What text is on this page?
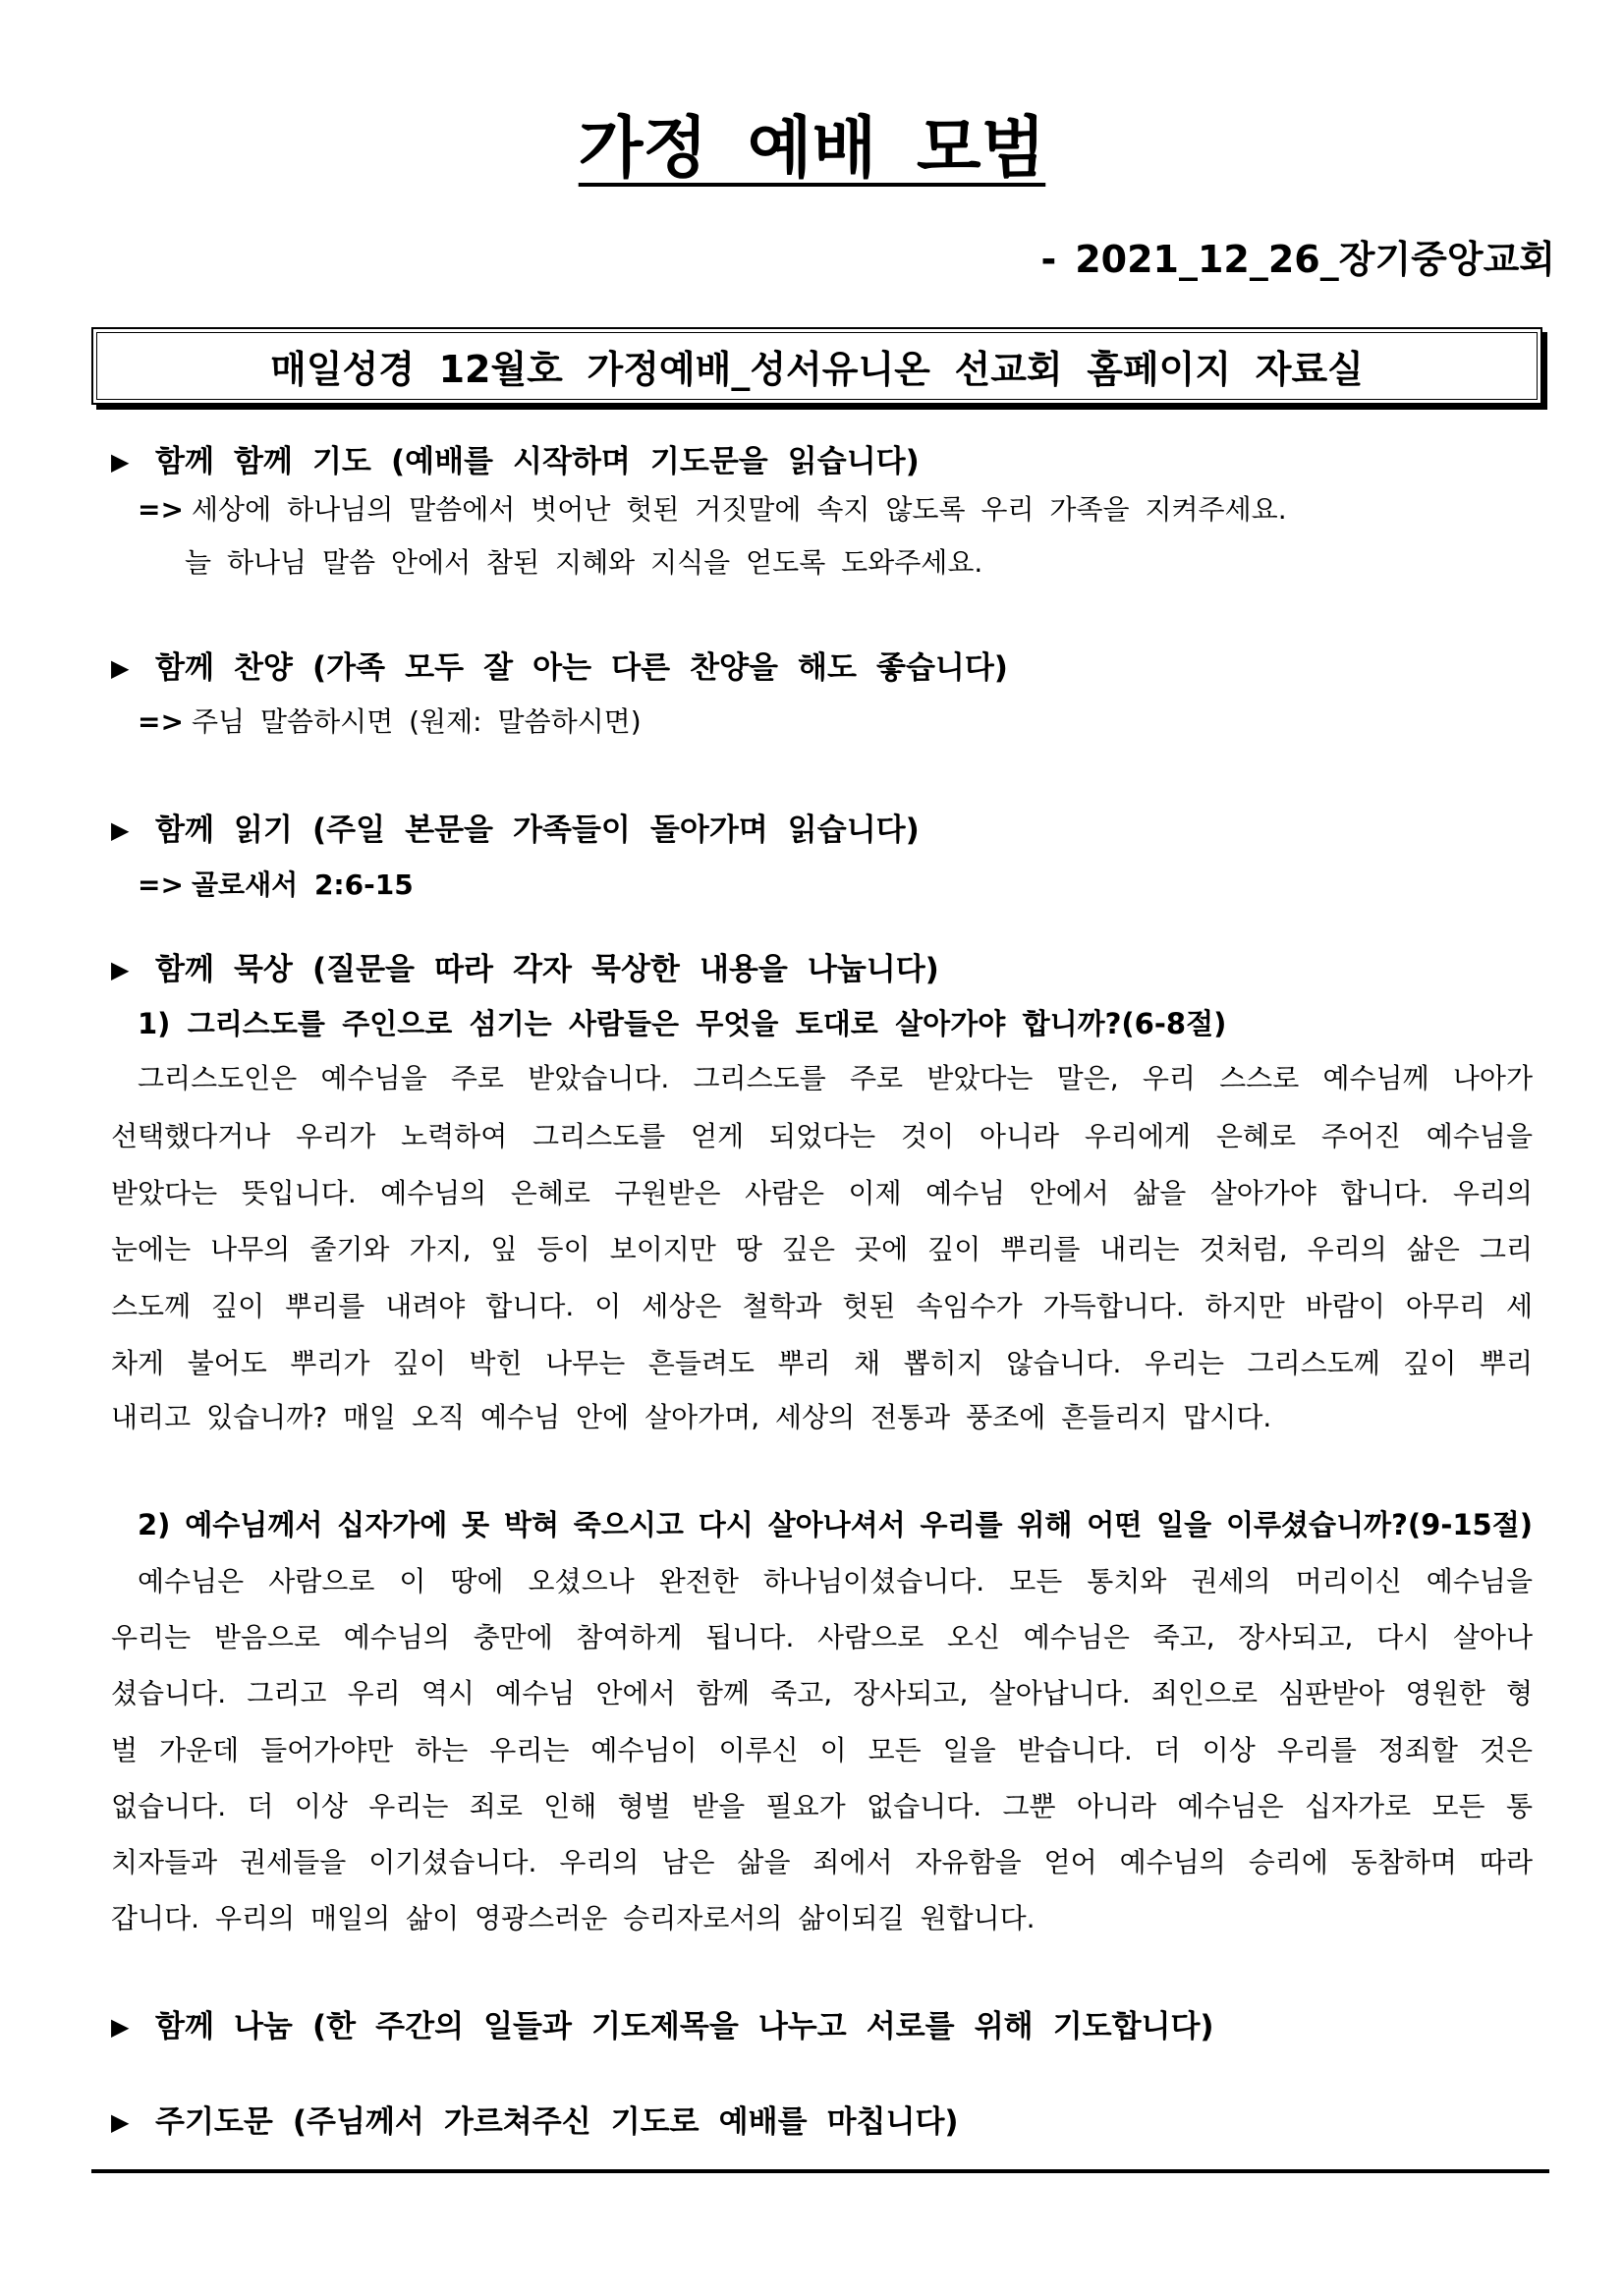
가정 예배 모범
- 2021_12_26_장기중앙교회
매일성경 12월호 가정예배_성서유니온 선교회 홈페이지 자료실
▶ 함께 함께 기도 (예배를 시작하며 기도문을 읽습니다)
=> 세상에 하나님의 말씀에서 벗어난 헛된 거짓말에 속지 않도록 우리 가족을 지켜주세요.
늘 하나님 말씀 안에서 참된 지혜와 지식을 얻도록 도와주세요.
▶ 함께 찬양 (가족 모두 잘 아는 다른 찬양을 해도 좋습니다)
=> 주님 말씀하시면 (원제: 말씀하시면)
▶ 함께 읽기 (주일 본문을 가족들이 돌아가며 읽습니다)
=> 골로새서 2:6-15
▶ 함께 묵상 (질문을 따라 각자 묵상한 내용을 나눕니다)
1) 그리스도를 주인으로 섬기는 사람들은 무엇을 토대로 살아가야 합니까?(6-8절)
그리스도인은 예수님을 주로 받았습니다. 그리스도를 주로 받았다는 말은, 우리 스스로 예수님께 나아가
선택했다거나 우리가 노력하여 그리스도를 얻게 되었다는 것이 아니라 우리에게 은혜로 주어진 예수님을
받았다는 뜻입니다. 예수님의 은혜로 구원받은 사람은 이제 예수님 안에서 삶을 살아가야 합니다. 우리의
눈에는 나무의 줄기와 가지, 잎 등이 보이지만 땅 깊은 곳에 깊이 뿌리를 내리는 것처럼, 우리의 삶은 그리
스도께 깊이 뿌리를 내려야 합니다. 이 세상은 철학과 헛된 속임수가 가득합니다. 하지만 바람이 아무리 세
차게 불어도 뿌리가 깊이 박힌 나무는 흔들려도 뿌리 채 뽑히지 않습니다. 우리는 그리스도께 깊이 뿌리
내리고 있습니까? 매일 오직 예수님 안에 살아가며, 세상의 전통과 풍조에 흔들리지 맙시다.
2) 예수님께서 십자가에 못 박혀 죽으시고 다시 살아나셔서 우리를 위해 어떤 일을 이루셨습니까?(9-15절)
예수님은 사람으로 이 땅에 오셨으나 완전한 하나님이셨습니다. 모든 통치와 권세의 머리이신 예수님을
우리는 받음으로 예수님의 충만에 참여하게 됩니다. 사람으로 오신 예수님은 죽고, 장사되고, 다시 살아나
셨습니다. 그리고 우리 역시 예수님 안에서 함께 죽고, 장사되고, 살아납니다. 죄인으로 심판받아 영원한 형
벌 가운데 들어가야만 하는 우리는 예수님이 이루신 이 모든 일을 받습니다. 더 이상 우리를 정죄할 것은
없습니다. 더 이상 우리는 죄로 인해 형벌 받을 필요가 없습니다. 그뿐 아니라 예수님은 십자가로 모든 통
치자들과 권세들을 이기셨습니다. 우리의 남은 삶을 죄에서 자유함을 얻어 예수님의 승리에 동참하며 따라
갑니다. 우리의 매일의 삶이 영광스러운 승리자로서의 삶이되길 원합니다.
▶ 함께 나눔 (한 주간의 일들과 기도제목을 나누고 서로를 위해 기도합니다)
▶ 주기도문 (주님께서 가르쳐주신 기도로 예배를 마칩니다)
